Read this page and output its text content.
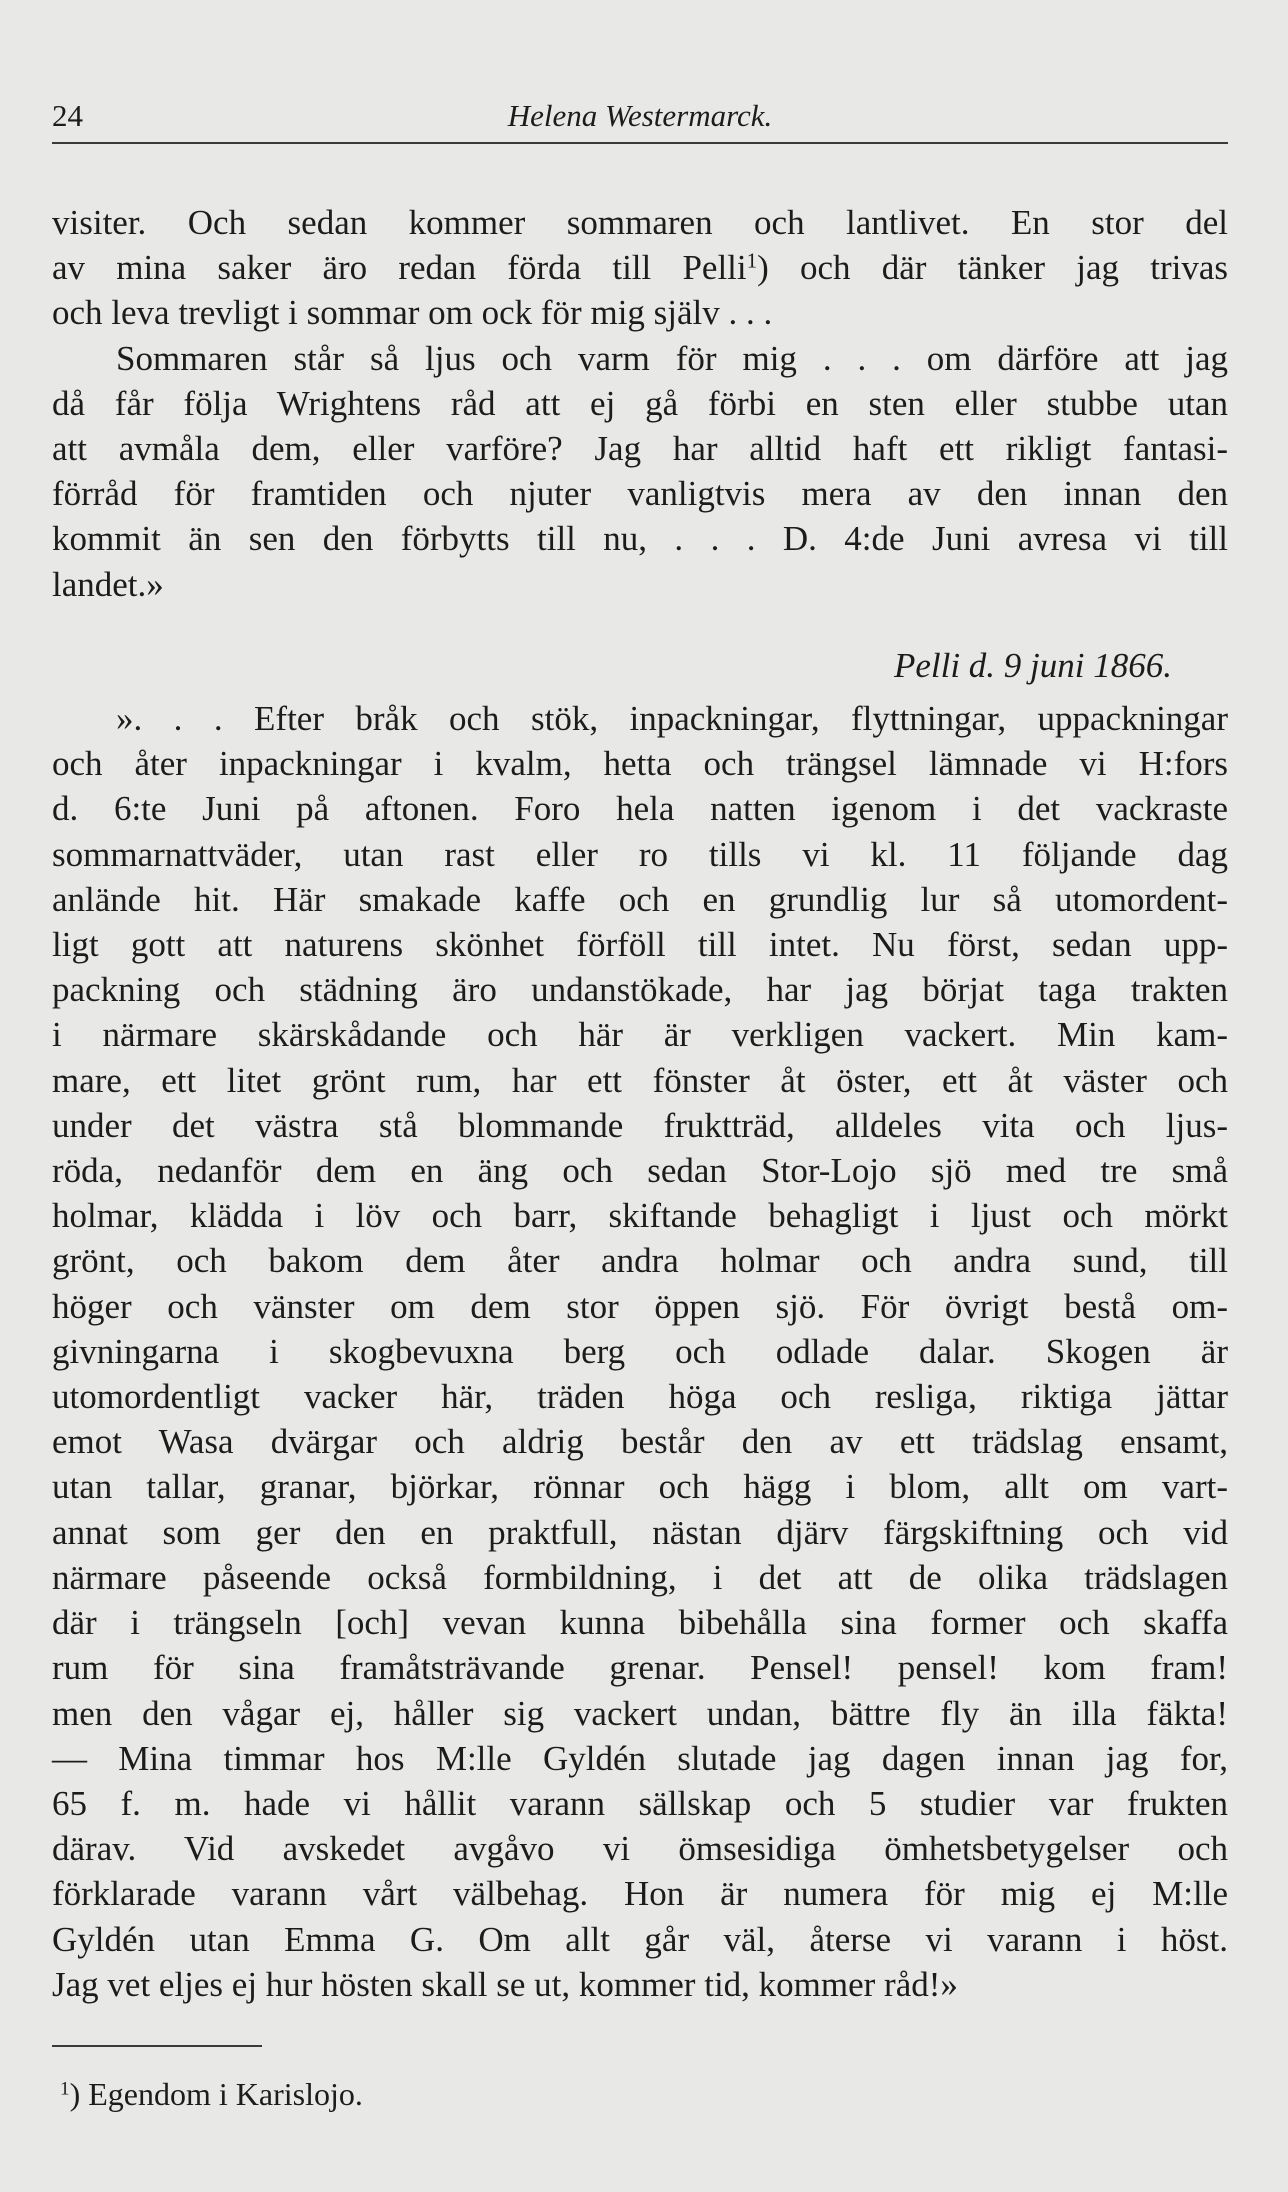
24	Helena Westermarck.
visiter. Och sedan kommer sommaren och lantlivet. En stor del
av mina saker äro redan förda till Pelli$^1$) och där tänker jag trivas
och leva trevligt i sommar om ock för mig själv . . .
Sommaren står så ljus och varm för mig . . . om därföre att jag
då får följa Wrightens råd att ej gå förbi en sten eller stubbe utan
att avmåla dem, eller varföre? Jag har alltid haft ett rikligt fantasi-
förråd för framtiden och njuter vanligtvis mera av den innan den
kommit än sen den förbytts till nu, . . . D. 4:de Juni avresa vi till
landet.»
Pelli d. 9 juni 1866.
». . . Efter bråk och stök, inpackningar, flyttningar, uppackningar
och åter inpackningar i kvalm, hetta och trängsel lämnade vi H:fors
d. 6:te Juni på aftonen. Foro hela natten igenom i det vackraste
sommarnattväder, utan rast eller ro tills vi kl. 11 följande dag
anlände hit. Här smakade kaffe och en grundlig lur så utomordent-
ligt gott att naturens skönhet förföll till intet. Nu först, sedan upp-
packning och städning äro undanstökade, har jag börjat taga trakten
i närmare skärskådande och här är verkligen vackert. Min kam-
mare, ett litet grönt rum, har ett fönster åt öster, ett åt väster och
under det västra stå blommande fruktträd, alldeles vita och ljus-
röda, nedanför dem en äng och sedan Stor-Lojo sjö med tre små
holmar, klädda i löv och barr, skiftande behagligt i ljust och mörkt
grönt, och bakom dem åter andra holmar och andra sund, till
höger och vänster om dem stor öppen sjö. För övrigt bestå om-
givningarna i skogbevuxna berg och odlade dalar. Skogen är
utomordentligt vacker här, träden höga och resliga, riktiga jättar
emot Wasa dvärgar och aldrig består den av ett trädslag ensamt,
utan tallar, granar, björkar, rönnar och hägg i blom, allt om vart-
annat som ger den en praktfull, nästan djärv färgskiftning och vid
närmare påseende också formbildning, i det att de olika trädslagen
där i trängseln [och] vevan kunna bibehålla sina former och skaffa
rum för sina framåtsträvande grenar. Pensel! pensel! kom fram!
men den vågar ej, håller sig vackert undan, bättre fly än illa fäkta!
— Mina timmar hos M:lle Gyldén slutade jag dagen innan jag for,
65 f. m. hade vi hållit varann sällskap och 5 studier var frukten
därav. Vid avskedet avgåvo vi ömsesidiga ömhetsbetygelser och
förklarade varann vårt välbehag. Hon är numera för mig ej M:lle
Gyldén utan Emma G. Om allt går väl, återse vi varann i höst.
Jag vet eljes ej hur hösten skall se ut, kommer tid, kommer råd!»
$^1$) Egendom i Karislojo.
